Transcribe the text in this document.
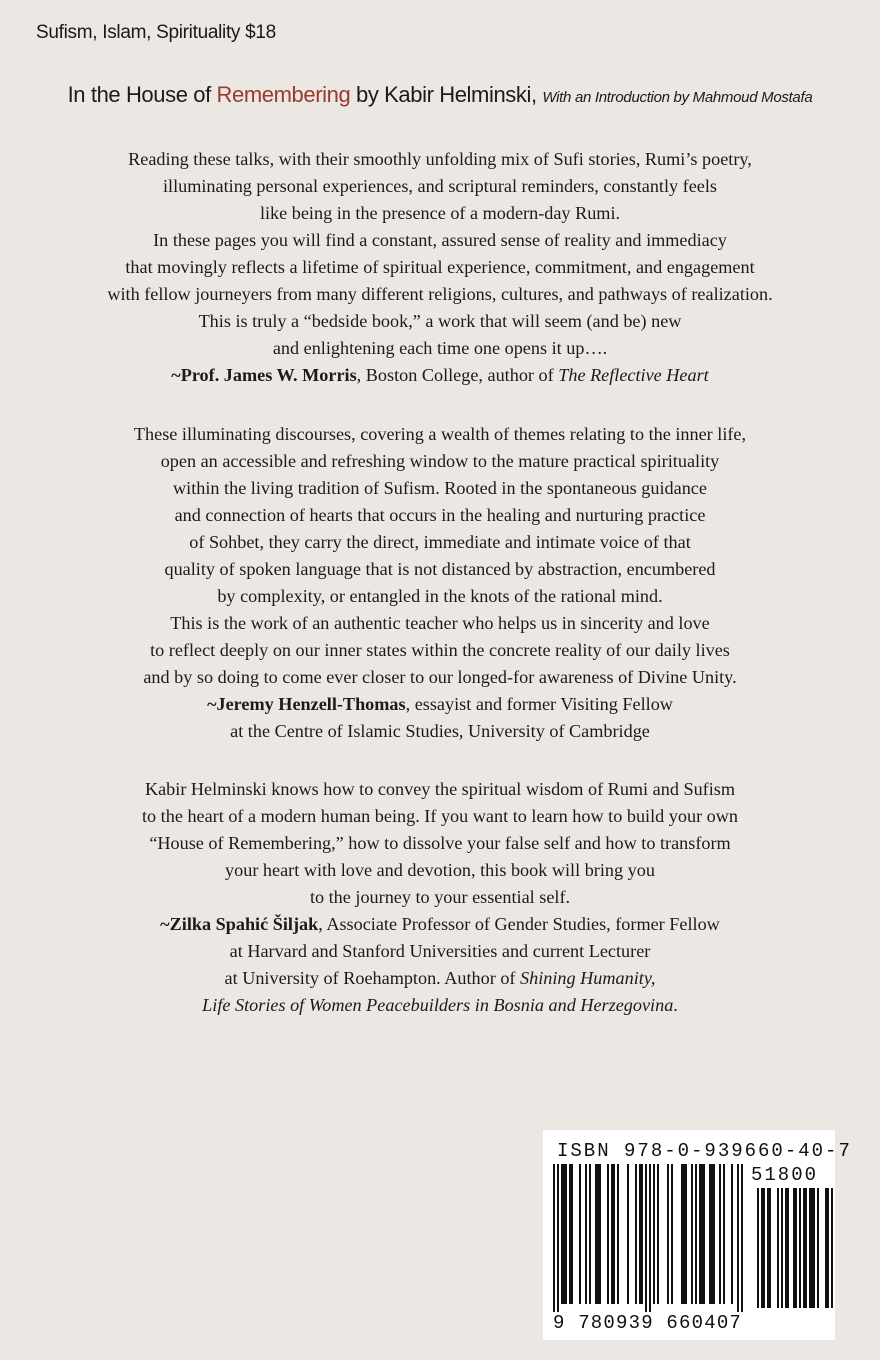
Sufism, Islam, Spirituality $18
In the House of Remembering by Kabir Helminski, With an Introduction by Mahmoud Mostafa
Reading these talks, with their smoothly unfolding mix of Sufi stories, Rumi’s poetry,
illuminating personal experiences, and scriptural reminders, constantly feels
like being in the presence of a modern-day Rumi.
In these pages you will find a constant, assured sense of reality and immediacy
that movingly reflects a lifetime of spiritual experience, commitment, and engagement
with fellow journeyers from many different religions, cultures, and pathways of realization.
This is truly a “bedside book,” a work that will seem (and be) new
and enlightening each time one opens it up….
~Prof. James W. Morris, Boston College, author of The Reflective Heart
These illuminating discourses, covering a wealth of themes relating to the inner life,
open an accessible and refreshing window to the mature practical spirituality
within the living tradition of Sufism. Rooted in the spontaneous guidance
and connection of hearts that occurs in the healing and nurturing practice
of Sohbet, they carry the direct, immediate and intimate voice of that
quality of spoken language that is not distanced by abstraction, encumbered
by complexity, or entangled in the knots of the rational mind.
This is the work of an authentic teacher who helps us in sincerity and love
to reflect deeply on our inner states within the concrete reality of our daily lives
and by so doing to come ever closer to our longed-for awareness of Divine Unity.
~Jeremy Henzell-Thomas, essayist and former Visiting Fellow
at the Centre of Islamic Studies, University of Cambridge
Kabir Helminski knows how to convey the spiritual wisdom of Rumi and Sufism
to the heart of a modern human being. If you want to learn how to build your own
“House of Remembering,” how to dissolve your false self and how to transform
your heart with love and devotion, this book will bring you
to the journey to your essential self.
~Zilka Spahić Šiljak, Associate Professor of Gender Studies, former Fellow
at Harvard and Stanford Universities and current Lecturer
at University of Roehampton. Author of Shining Humanity,
Life Stories of Women Peacebuilders in Bosnia and Herzegovina.
ISBN 978-0-939660-40-7
51800
9 780939 660407
